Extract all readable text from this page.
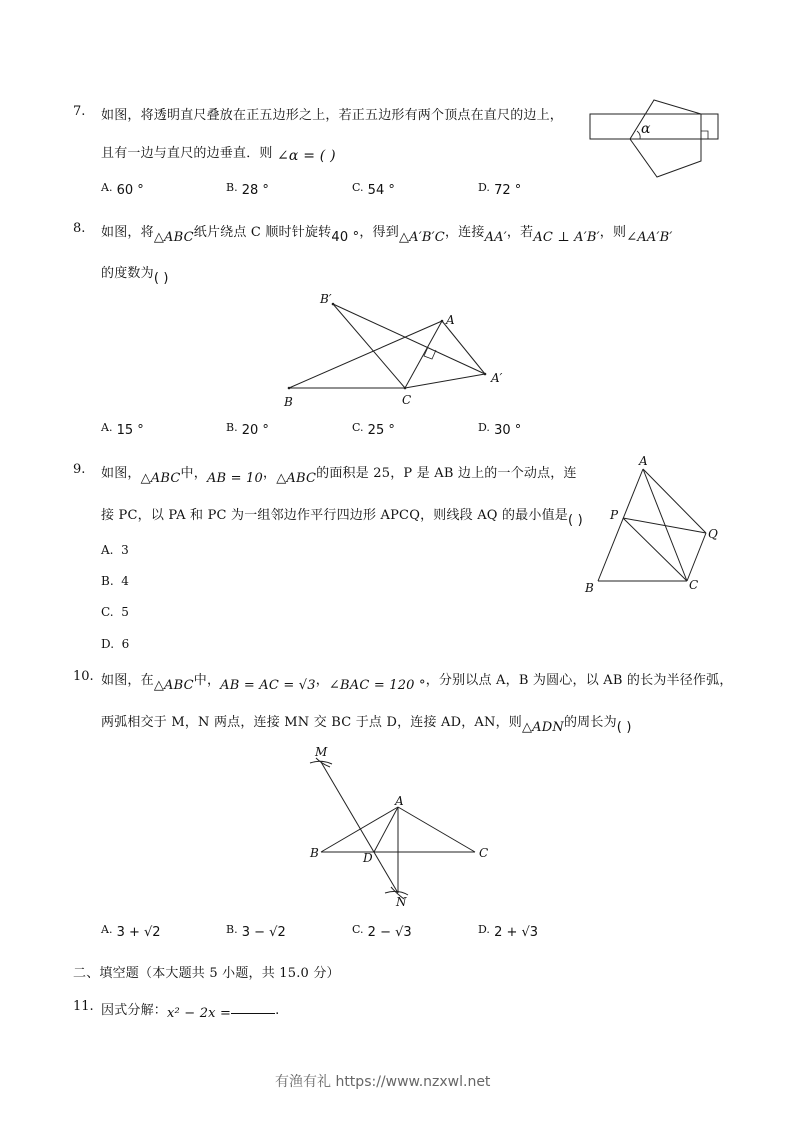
7. 如图，将透明直尺叠放在正五边形之上，若正五边形有两个顶点在直尺的边上，
且有一边与直尺的边垂直．则 ∠α = ( )
α
A. 60 °	B. 28 °	C. 54 °	D. 72 °
8. 如图，将△ABC纸片绕点 C 顺时针旋转40 °，得到△A′B′C，连接AA′，若AC ⊥ A′B′，则∠AA′B′
的度数为( )
B′
A
A′
B	C
A. 15 °	B. 20 °	C. 25 °	D. 30 °
9. 如图，△ABC中，AB = 10，△ABC的面积是 25，P 是 AB 边上的一个动点，连
接 PC，以 PA 和 PC 为一组邻边作平行四边形 APCQ，则线段 AQ 的最小值是( )
A. 3
B. 4
C. 5
D. 6
A
P
Q
B	C
10. 如图，在△ABC中，AB = AC = √3，∠BAC = 120 °，分别以点 A，B 为圆心，以 AB 的长为半径作弧，
两弧相交于 M，N 两点，连接 MN 交 BC 于点 D，连接 AD，AN，则△ADN的周长为( )
M
A
B	D	C
N
A. 3 + √2	B. 3 − √2	C. 2 − √3	D. 2 + √3
二、填空题（本大题共 5 小题，共 15.0 分）
11. 因式分解：x² − 2x =	.
有渔有礼 https://www.nzxwl.net
